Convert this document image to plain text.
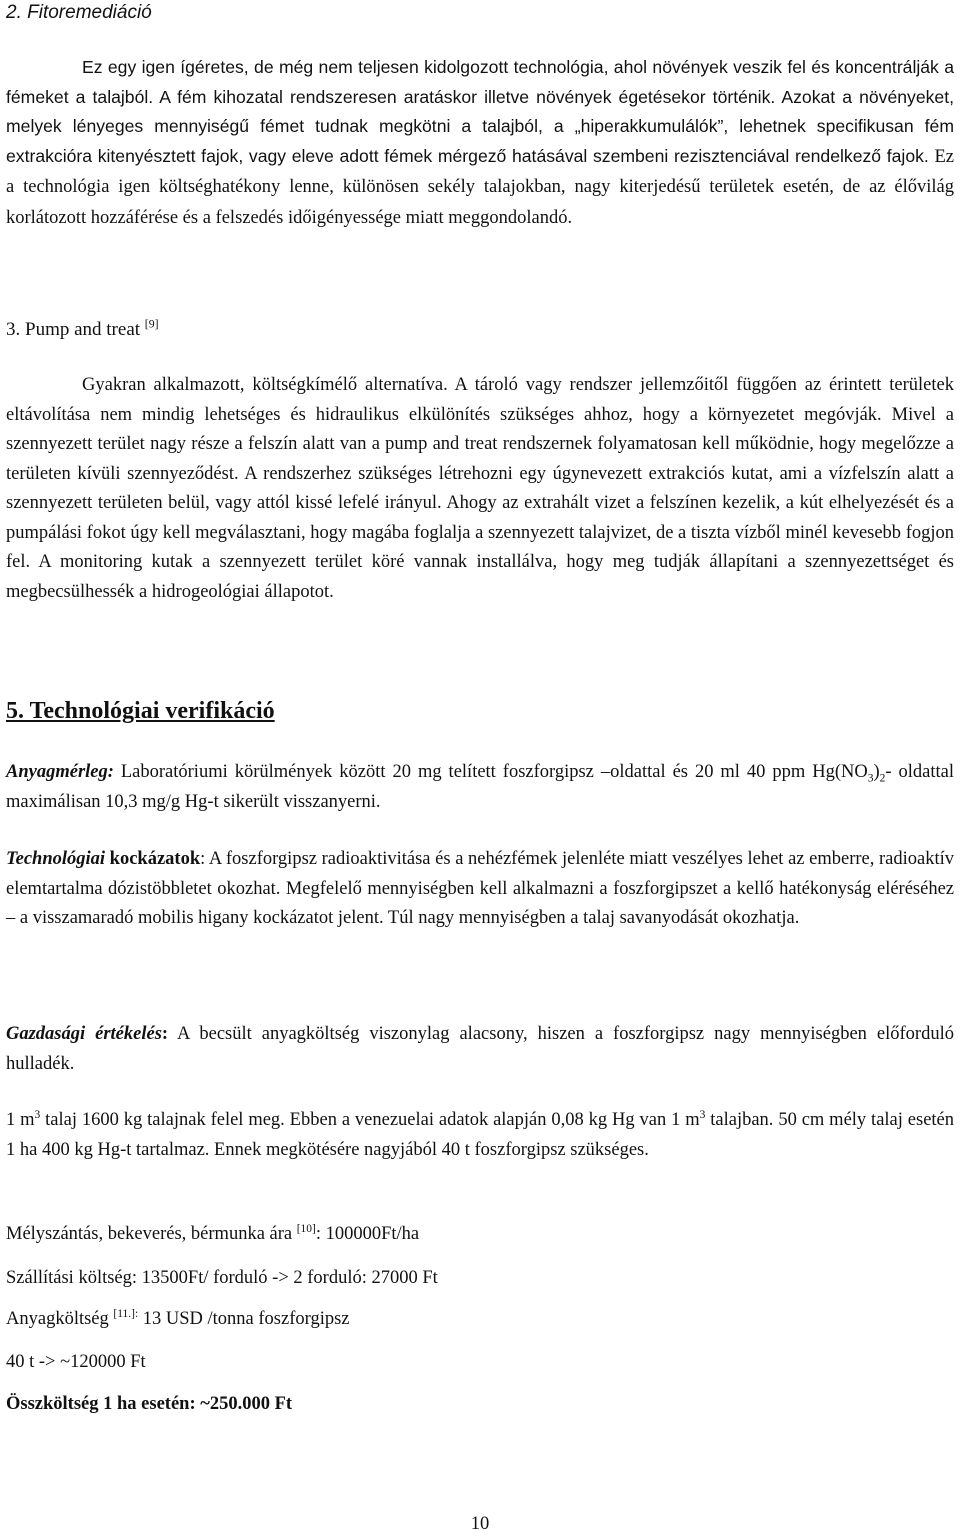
2. Fitoremediáció

Ez egy igen ígéretes, de még nem teljesen kidolgozott technológia, ahol növények veszik fel és koncentrálják a fémeket a talajból. A fém kihozatal rendszeresen aratáskor illetve növények égetésekor történik. Azokat a növényeket, melyek lényeges mennyiségű fémet tudnak megkötni a talajból, a „hiperakkumulálók”, lehetnek specifikusan fém extrakcióra kitenyésztett fajok, vagy eleve adott fémek mérgező hatásával szembeni rezisztenciával rendelkező fajok. Ez a technológia igen költséghatékony lenne, különösen sekély talajokban, nagy kiterjedésű területek esetén, de az élővilág korlátozott hozzáférése és a felszedés időigényessége miatt meggondolandó.

3. Pump and treat [9]

Gyakran alkalmazott, költségkímélő alternatíva. A tároló vagy rendszer jellemzőitől függően az érintett területek eltávolítása nem mindig lehetséges és hidraulikus elkülönítés szükséges ahhoz, hogy a környezetet megóvják. Mivel a szennyezett terület nagy része a felszín alatt van a pump and treat rendszernek folyamatosan kell működnie, hogy megelőzze a területen kívüli szennyeződést. A rendszerhez szükséges létrehozni egy úgynevezett extrakciós kutat, ami a vízfelszín alatt a szennyezett területen belül, vagy attól kissé lefelé irányul. Ahogy az extrahált vizet a felszínen kezelik, a kút elhelyezését és a pumpálási fokot úgy kell megválasztani, hogy magába foglalja a szennyezett talajvizet, de a tiszta vízből minél kevesebb fogjon fel. A monitoring kutak a szennyezett terület köré vannak installálva, hogy meg tudják állapítani a szennyezettséget és megbecsülhessék a hidrogeológiai állapotot.

5. Technológiai verifikáció

Anyagmérleg: Laboratóriumi körülmények között 20 mg telített foszforgipsz –oldattal és 20 ml 40 ppm $Hg(NO_3)_2-$ oldattal maximálisan 10,3 mg/g Hg-t sikerült visszanyerni.

Technológiai kockázatok: A foszforgipsz radioaktivitása és a nehézfémek jelenléte miatt veszélyes lehet az emberre, radioaktív elemtartalma dózistöbbletet okozhat. Megfelelő mennyiségben kell alkalmazni a foszforgipszet a kellő hatékonyság eléréséhez – a visszamaradó mobilis higany kockázatot jelent. Túl nagy mennyiségben a talaj savanyodását okozhatja.

Gazdasági értékelés: A becsült anyagköltség viszonylag alacsony, hiszen a foszforgipsz nagy mennyiségben előforduló hulladék.

1 $m^3$ talaj 1600 kg talajnak felel meg. Ebben a venezuelai adatok alapján 0,08 kg Hg van 1 $m^3$ talajban. 50 cm mély talaj esetén 1 ha 400 kg Hg-t tartalmaz. Ennek megkötésére nagyjából 40 t foszforgipsz szükséges.

Mélyszántás, bekeverés, bérmunka ára [10]: 100000Ft/ha
Szállítási költség: 13500Ft/ forduló -> 2 forduló: 27000 Ft
Anyagköltség $^{[11.]:}$ 13 USD /tonna foszforgipsz
40 t -> ~120000 Ft
Összköltség 1 ha esetén: ~250.000 Ft
10
